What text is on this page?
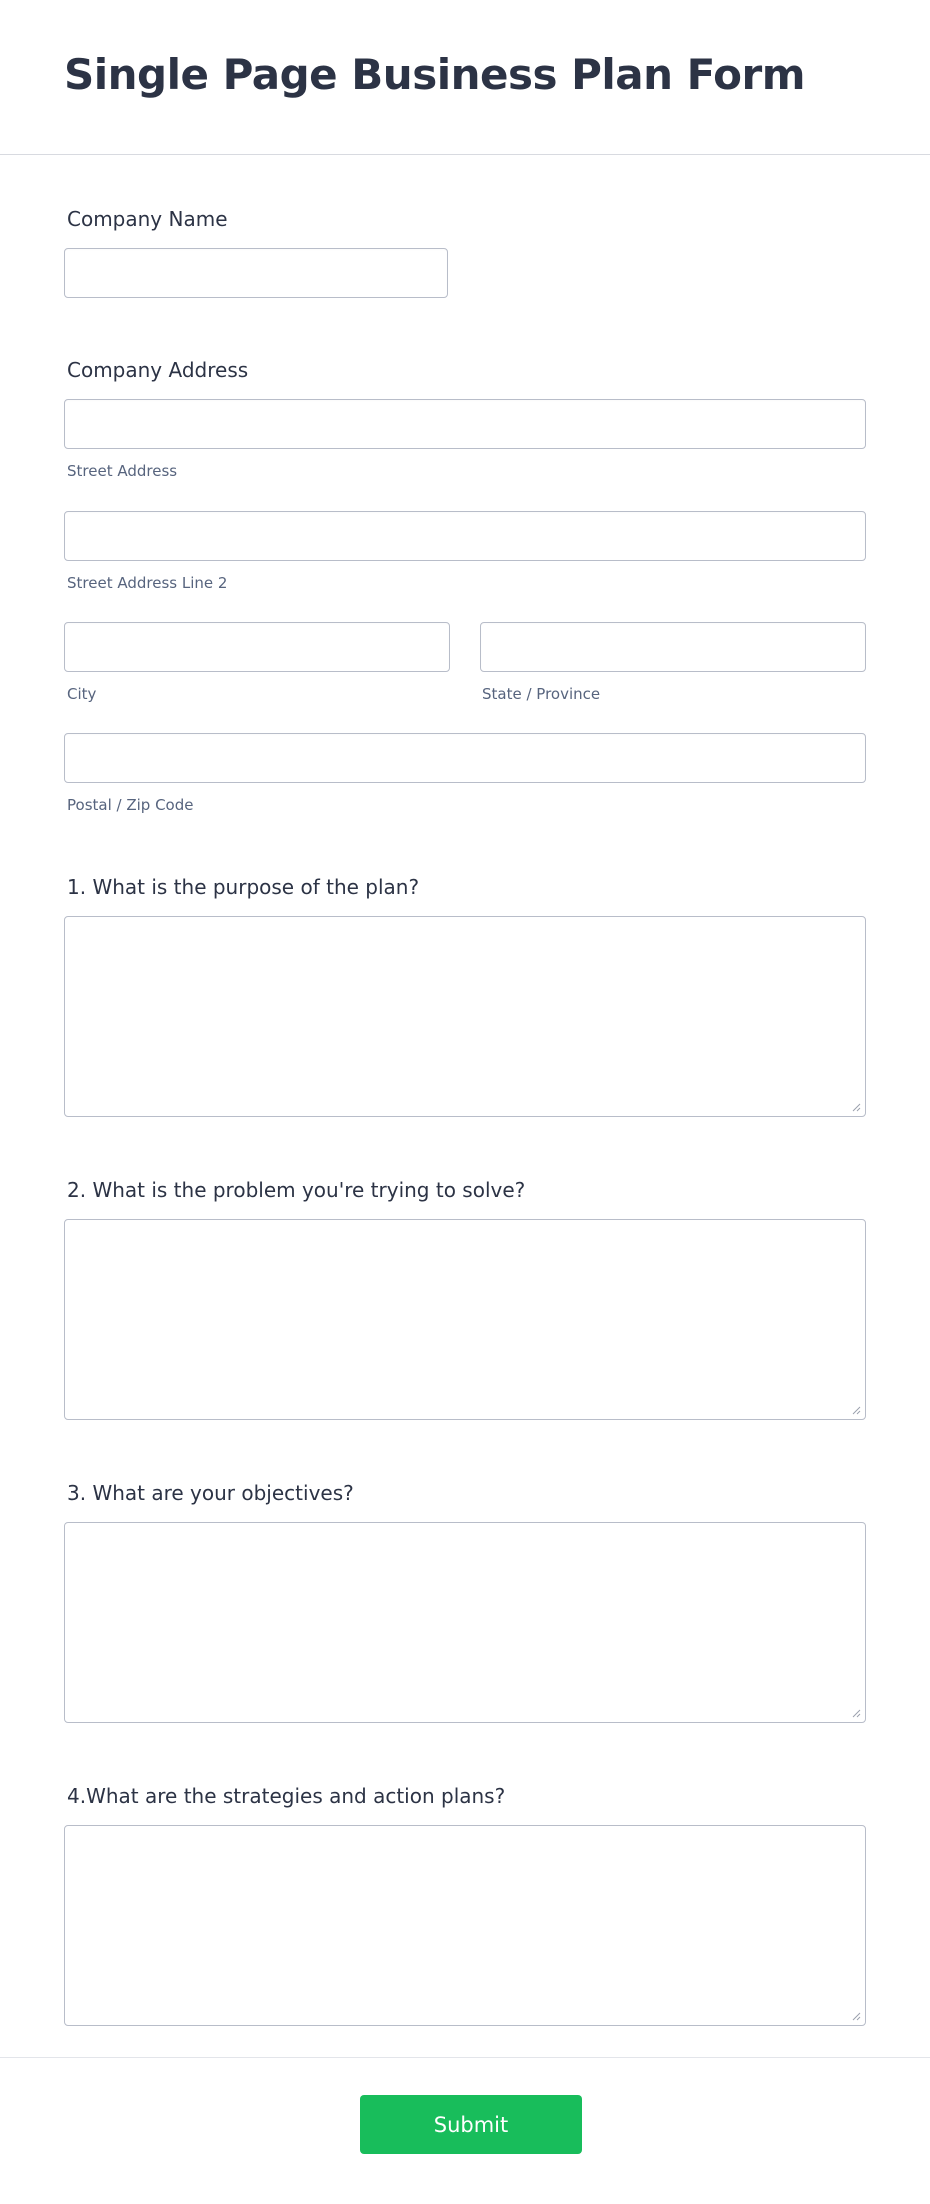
Single Page Business Plan Form
Company Name
Company Address
Street Address
Street Address Line 2
City	State / Province
Postal / Zip Code
1. What is the purpose of the plan?
2. What is the problem you're trying to solve?
3. What are your objectives?
4.What are the strategies and action plans?
Submit
